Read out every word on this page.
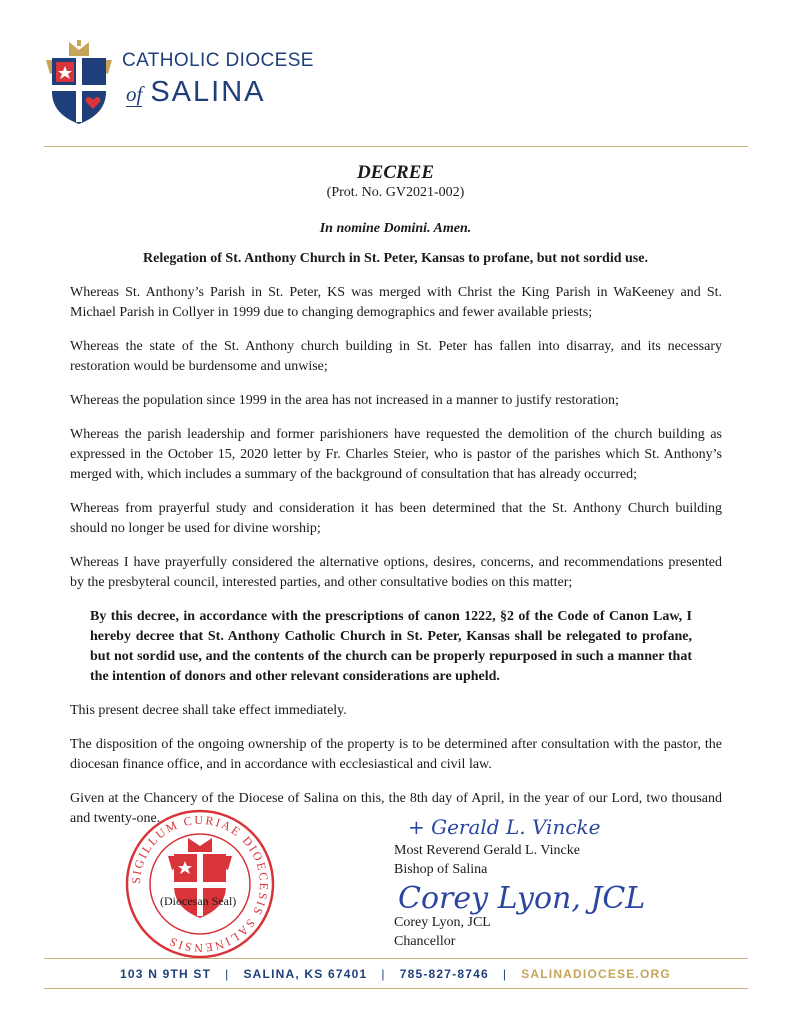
CATHOLIC DIOCESE
of SALINA
DECREE
(Prot. No. GV2021-002)
In nomine Domini. Amen.
Relegation of St. Anthony Church in St. Peter, Kansas to profane, but not sordid use.

Whereas St. Anthony’s Parish in St. Peter, KS was merged with Christ the King Parish in WaKeeney and St. Michael Parish in Collyer in 1999 due to changing demographics and fewer available priests;

Whereas the state of the St. Anthony church building in St. Peter has fallen into disarray, and its necessary restoration would be burdensome and unwise;

Whereas the population since 1999 in the area has not increased in a manner to justify restoration;

Whereas the parish leadership and former parishioners have requested the demolition of the church building as expressed in the October 15, 2020 letter by Fr. Charles Steier, who is pastor of the parishes which St. Anthony’s merged with, which includes a summary of the background of consultation that has already occurred;

Whereas from prayerful study and consideration it has been determined that the St. Anthony Church building should no longer be used for divine worship;

Whereas I have prayerfully considered the alternative options, desires, concerns, and recommendations presented by the presbyteral council, interested parties, and other consultative bodies on this matter;

By this decree, in accordance with the prescriptions of canon 1222, §2 of the Code of Canon Law, I hereby decree that St. Anthony Catholic Church in St. Peter, Kansas shall be relegated to profane, but not sordid use, and the contents of the church can be properly repurposed in such a manner that the intention of donors and other relevant considerations are upheld.

This present decree shall take effect immediately.

The disposition of the ongoing ownership of the property is to be determined after consultation with the pastor, the diocesan finance office, and in accordance with ecclesiastical and civil law.

Given at the Chancery of the Diocese of Salina on this, the 8th day of April, in the year of our Lord, two thousand and twenty-one.

SIGILLUM CURIAE DIOECESIS SALINENSIS
(Diocesan Seal)
+ Gerald L. Vincke
Most Reverend Gerald L. Vincke
Bishop of Salina
Corey Lyon, JCL
Corey Lyon, JCL
Chancellor
103 N 9TH ST | SALINA, KS 67401 | 785-827-8746 | SALINADIOCESE.ORG
